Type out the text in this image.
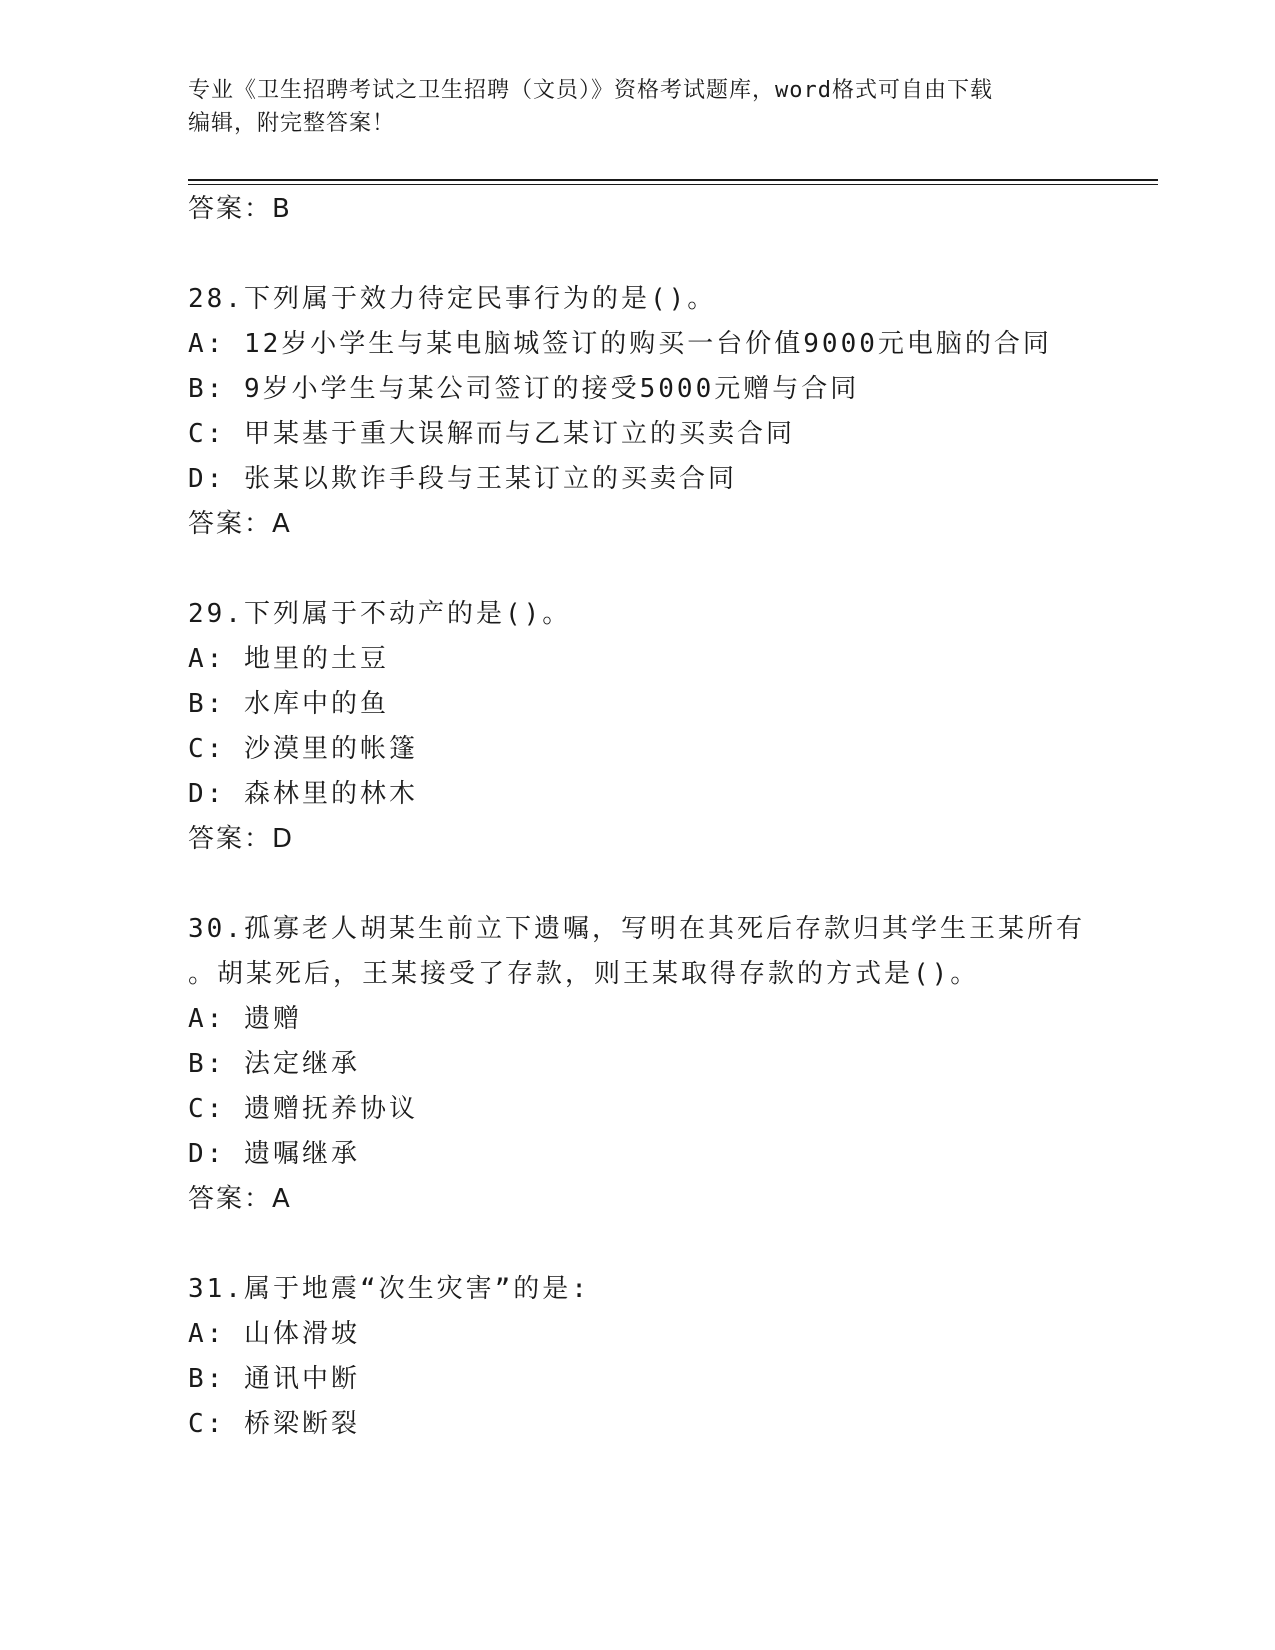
专业《卫生招聘考试之卫生招聘（文员）》资格考试题库，word格式可自由下载
编辑，附完整答案！
答案：B
28.下列属于效力待定民事行为的是()。
A: 12岁小学生与某电脑城签订的购买一台价值9000元电脑的合同
B: 9岁小学生与某公司签订的接受5000元赠与合同
C: 甲某基于重大误解而与乙某订立的买卖合同
D: 张某以欺诈手段与王某订立的买卖合同
答案：A
29.下列属于不动产的是()。
A: 地里的土豆
B: 水库中的鱼
C: 沙漠里的帐篷
D: 森林里的林木
答案：D
30.孤寡老人胡某生前立下遗嘱，写明在其死后存款归其学生王某所有
。胡某死后，王某接受了存款，则王某取得存款的方式是()。
A: 遗赠
B: 法定继承
C: 遗赠抚养协议
D: 遗嘱继承
答案：A
31.属于地震“次生灾害”的是:
A: 山体滑坡
B: 通讯中断
C: 桥梁断裂
